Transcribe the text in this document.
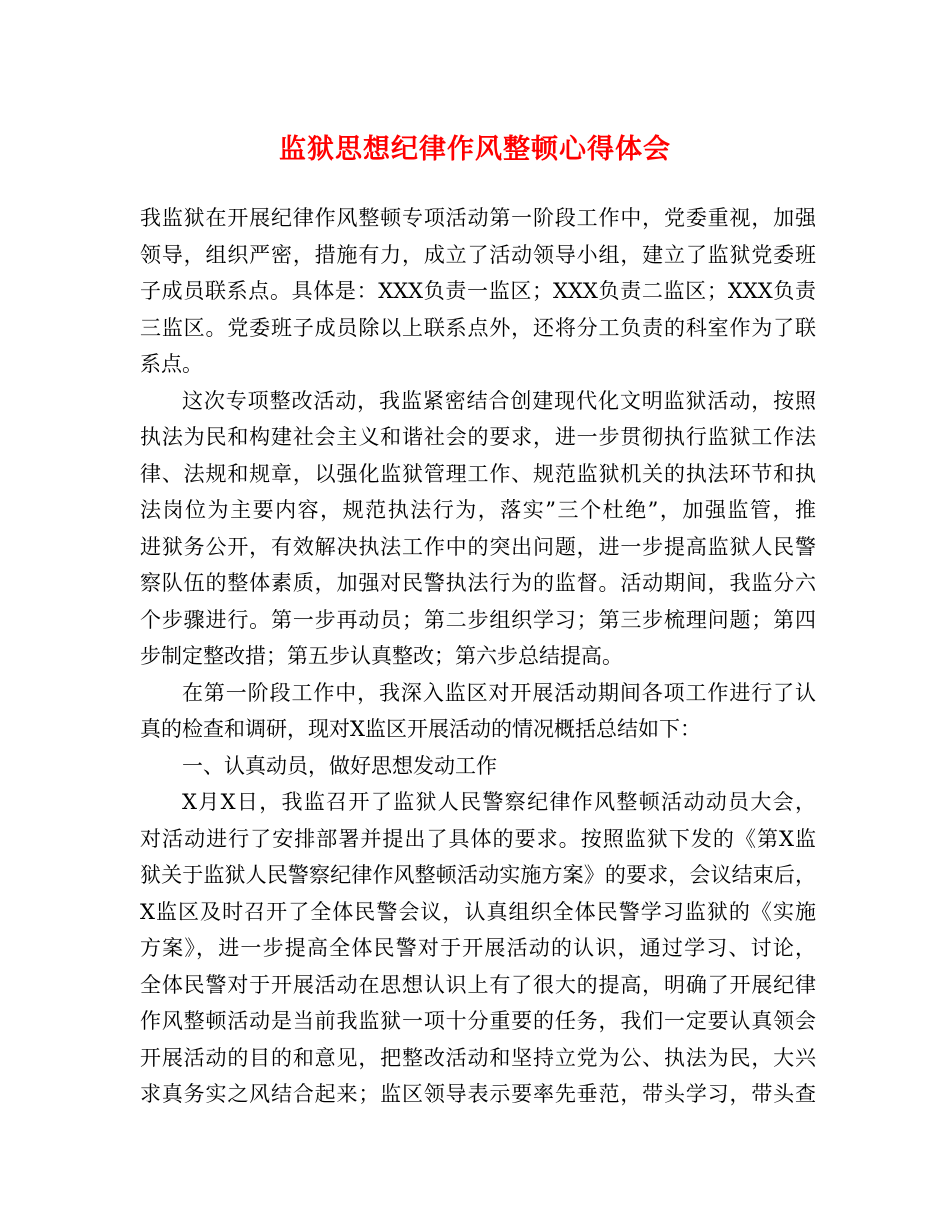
监狱思想纪律作风整顿心得体会
我监狱在开展纪律作风整顿专项活动第一阶段工作中，党委重视，加强
领导，组织严密，措施有力，成立了活动领导小组，建立了监狱党委班
子成员联系点。具体是：XXX负责一监区；XXX负责二监区；XXX负责
三监区。党委班子成员除以上联系点外，还将分工负责的科室作为了联
系点。
这次专项整改活动，我监紧密结合创建现代化文明监狱活动，按照
执法为民和构建社会主义和谐社会的要求，进一步贯彻执行监狱工作法
律、法规和规章，以强化监狱管理工作、规范监狱机关的执法环节和执
法岗位为主要内容，规范执法行为，落实”三个杜绝”，加强监管，推
进狱务公开，有效解决执法工作中的突出问题，进一步提高监狱人民警
察队伍的整体素质，加强对民警执法行为的监督。活动期间，我监分六
个步骤进行。第一步再动员；第二步组织学习；第三步梳理问题；第四
步制定整改措；第五步认真整改；第六步总结提高。
在第一阶段工作中，我深入监区对开展活动期间各项工作进行了认
真的检查和调研，现对X监区开展活动的情况概括总结如下：
一、认真动员，做好思想发动工作
X月X日，我监召开了监狱人民警察纪律作风整顿活动动员大会，
对活动进行了安排部署并提出了具体的要求。按照监狱下发的《第X监
狱关于监狱人民警察纪律作风整顿活动实施方案》的要求，会议结束后，
X监区及时召开了全体民警会议，认真组织全体民警学习监狱的《实施
方案》，进一步提高全体民警对于开展活动的认识，通过学习、讨论，
全体民警对于开展活动在思想认识上有了很大的提高，明确了开展纪律
作风整顿活动是当前我监狱一项十分重要的任务，我们一定要认真领会
开展活动的目的和意见，把整改活动和坚持立党为公、执法为民，大兴
求真务实之风结合起来；监区领导表示要率先垂范，带头学习，带头查
